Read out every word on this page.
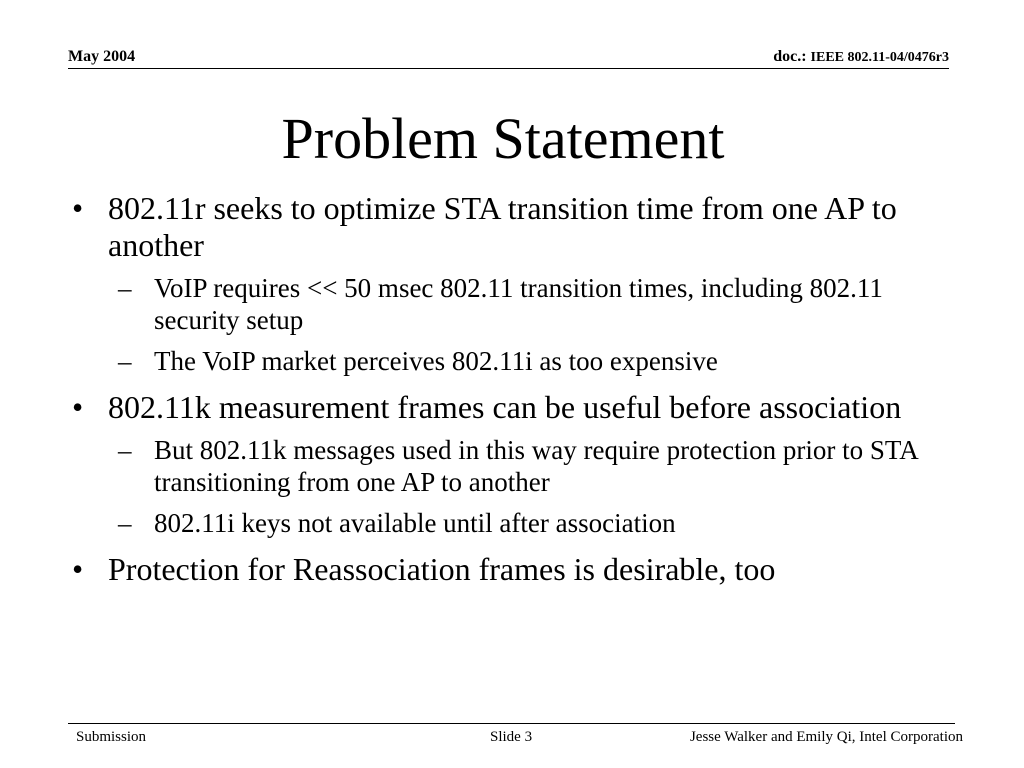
May 2004	doc.: IEEE 802.11-04/0476r3
Problem Statement
• 802.11r seeks to optimize STA transition time from one AP to another
– VoIP requires << 50 msec 802.11 transition times, including 802.11 security setup
– The VoIP market perceives 802.11i as too expensive
• 802.11k measurement frames can be useful before association
– But 802.11k messages used in this way require protection prior to STA transitioning from one AP to another
– 802.11i keys not available until after association
• Protection for Reassociation frames is desirable, too
Submission	Slide 3	Jesse Walker and Emily Qi, Intel Corporation
